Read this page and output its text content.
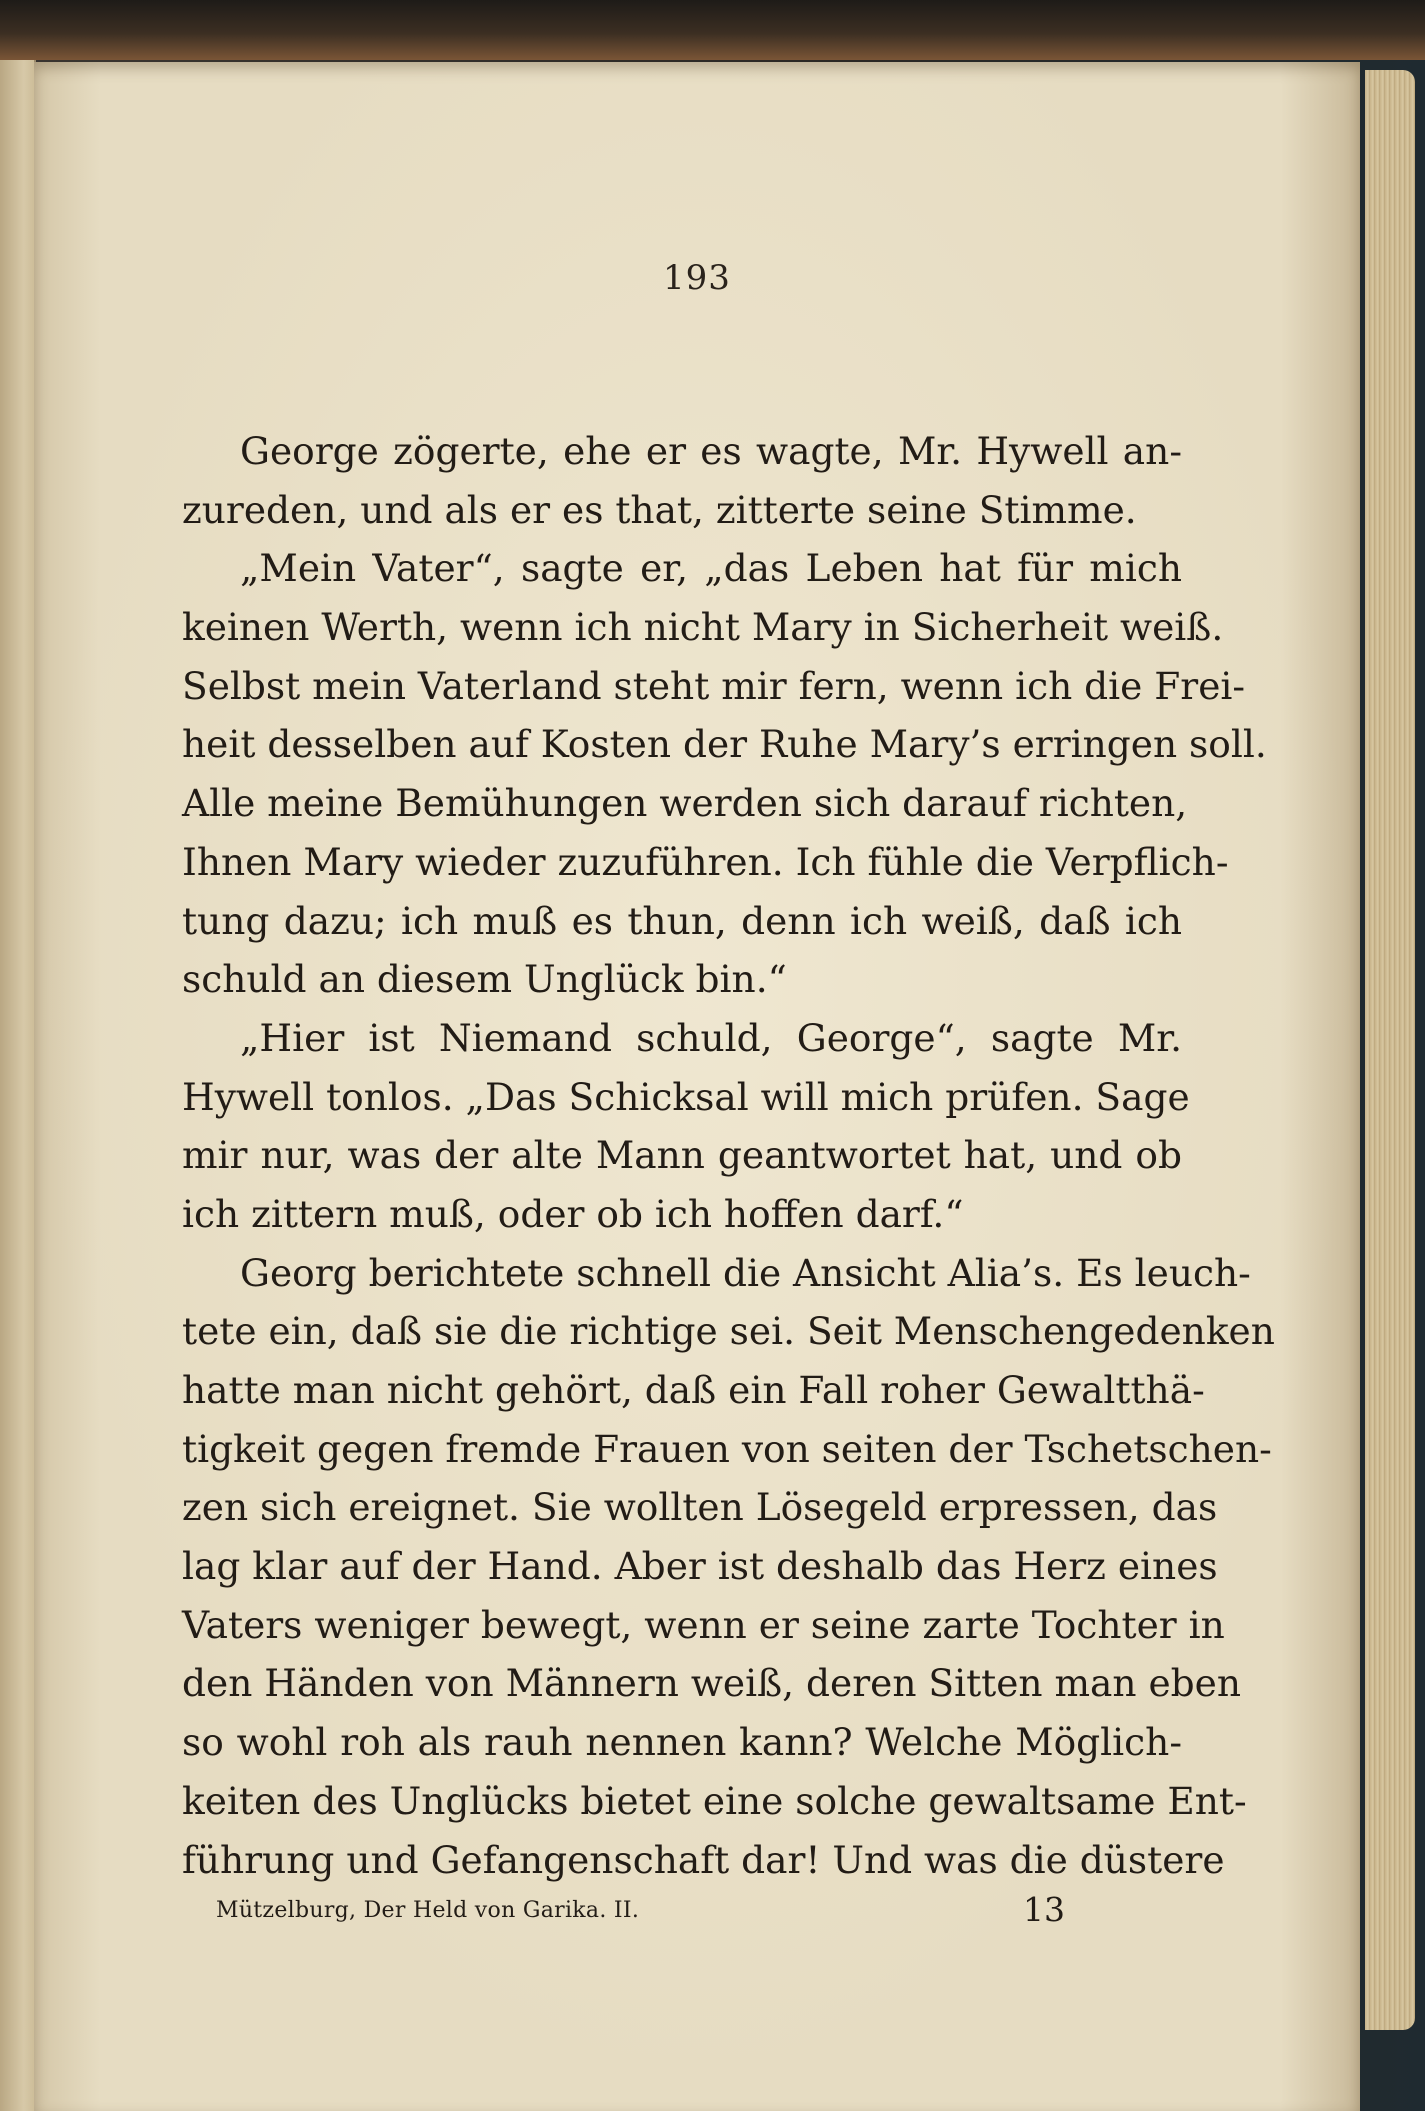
193
George zögerte, ehe er es wagte, Mr. Hywell an-
zureden, und als er es that, zitterte seine Stimme.
„Mein Vater“, sagte er, „das Leben hat für mich
keinen Werth, wenn ich nicht Mary in Sicherheit weiß.
Selbst mein Vaterland steht mir fern, wenn ich die Frei-
heit desselben auf Kosten der Ruhe Mary’s erringen soll.
Alle meine Bemühungen werden sich darauf richten,
Ihnen Mary wieder zuzuführen. Ich fühle die Verpflich-
tung dazu; ich muß es thun, denn ich weiß, daß ich
schuld an diesem Unglück bin.“
„Hier ist Niemand schuld, George“, sagte Mr.
Hywell tonlos. „Das Schicksal will mich prüfen. Sage
mir nur, was der alte Mann geantwortet hat, und ob
ich zittern muß, oder ob ich hoffen darf.“
Georg berichtete schnell die Ansicht Alia’s. Es leuch-
tete ein, daß sie die richtige sei. Seit Menschengedenken
hatte man nicht gehört, daß ein Fall roher Gewaltthä-
tigkeit gegen fremde Frauen von seiten der Tschetschen-
zen sich ereignet. Sie wollten Lösegeld erpressen, das
lag klar auf der Hand. Aber ist deshalb das Herz eines
Vaters weniger bewegt, wenn er seine zarte Tochter in
den Händen von Männern weiß, deren Sitten man eben
so wohl roh als rauh nennen kann? Welche Möglich-
keiten des Unglücks bietet eine solche gewaltsame Ent-
führung und Gefangenschaft dar! Und was die düstere
Mützelburg, Der Held von Garika. II.	13
